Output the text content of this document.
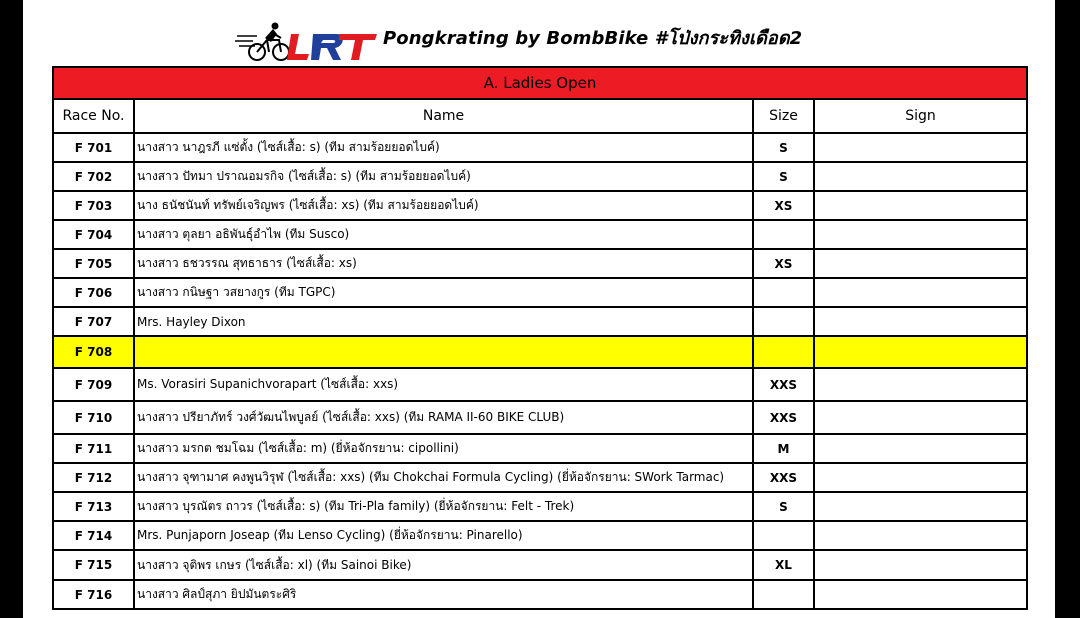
Pongkrating by BombBike #โป่งกระทิงเดือด2
A. Ladies Open			
Race No.	Name	Size	Sign
F 701	นางสาว นาฎรภี แซ่ตั้ง (ไซส์เสื้อ: s) (ทีม สามร้อยยอดไบค์)	S	
F 702	นางสาว ปัทมา ปราณอมรกิจ (ไซส์เสื้อ: s) (ทีม สามร้อยยอดไบค์)	S	
F 703	นาง ธนัชนันท์ ทรัพย์เจริญพร (ไซส์เสื้อ: xs) (ทีม สามร้อยยอดไบค์)	XS	
F 704	นางสาว ตุลยา อธิพันธุ์อำไพ (ทีม Susco)		
F 705	นางสาว ธชวรรณ สุทธาธาร (ไซส์เสื้อ: xs)	XS	
F 706	นางสาว กนิษฐา วสยางกูร (ทีม TGPC)		
F 707	Mrs. Hayley Dixon		
F 708			
F 709	Ms. Vorasiri Supanichvorapart (ไซส์เสื้อ: xxs)	XXS	
F 710	นางสาว ปรียาภัทร์ วงศ์วัฒนไพบูลย์ (ไซส์เสื้อ: xxs) (ทีม RAMA II-60 BIKE CLUB)	XXS	
F 711	นางสาว มรกต ชมโฉม (ไซส์เสื้อ: m) (ยี่ห้อจักรยาน: cipollini)	M	
F 712	นางสาว จุฑามาศ คงพูนวิรุฬ (ไซส์เสื้อ: xxs) (ทีม Chokchai Formula Cycling) (ยี่ห้อจักรยาน: SWork Tarmac)	XXS	
F 713	นางสาว บุรณัตร ถาวร (ไซส์เสื้อ: s) (ทีม Tri-Pla family) (ยี่ห้อจักรยาน: Felt - Trek)	S	
F 714	Mrs. Punjaporn Joseap (ทีม Lenso Cycling) (ยี่ห้อจักรยาน: Pinarello)		
F 715	นางสาว จุติพร เกษร (ไซส์เสื้อ: xl) (ทีม Sainoi Bike)	XL	
F 716	นางสาว ศิลป์สุภา ยิปมันตระศิริ		
